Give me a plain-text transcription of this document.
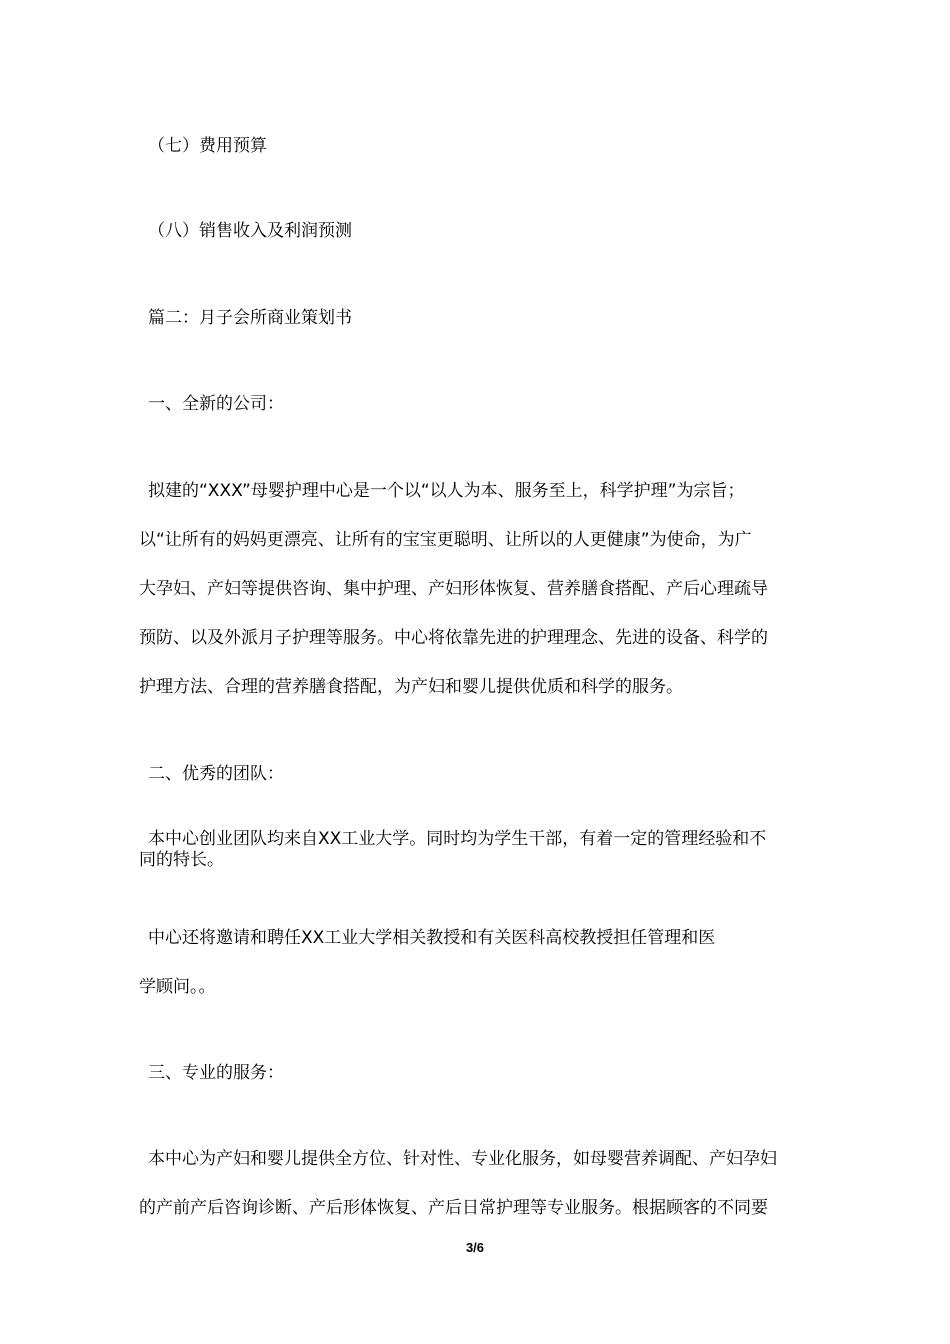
（七）费用预算

（八）销售收入及利润预测

篇二：月子会所商业策划书

一、全新的公司：

拟建的“XXX”母婴护理中心是一个以“以人为本、服务至上，科学护理”为宗旨；

以“让所有的妈妈更漂亮、让所有的宝宝更聪明、让所以的人更健康”为使命，为广

大孕妇、产妇等提供咨询、集中护理、产妇形体恢复、营养膳食搭配、产后心理疏导

预防、以及外派月子护理等服务。中心将依靠先进的护理理念、先进的设备、科学的

护理方法、合理的营养膳食搭配，为产妇和婴儿提供优质和科学的服务。

二、优秀的团队：

本中心创业团队均来自XX工业大学。同时均为学生干部，有着一定的管理经验和不

同的特长。

中心还将邀请和聘任XX工业大学相关教授和有关医科高校教授担任管理和医

学顾问。。

三、专业的服务：

本中心为产妇和婴儿提供全方位、针对性、专业化服务，如母婴营养调配、产妇孕妇

的产前产后咨询诊断、产后形体恢复、产后日常护理等专业服务。根据顾客的不同要

3/6
